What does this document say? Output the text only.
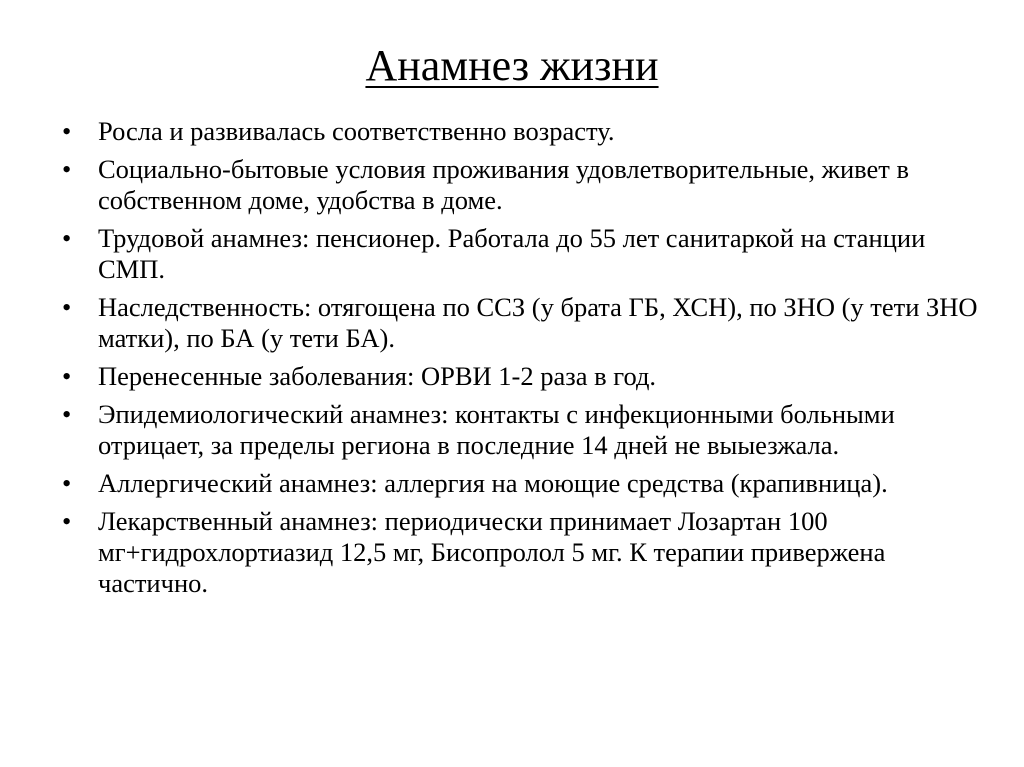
Анамнез жизни
• Росла и развивалась соответственно возрасту.
• Социально-бытовые условия проживания удовлетворительные, живет в собственном доме, удобства в доме.
• Трудовой анамнез: пенсионер. Работала до 55 лет санитаркой на станции СМП.
• Наследственность: отягощена по ССЗ (у брата ГБ, ХСН), по ЗНО (у тети ЗНО матки), по БА (у тети БА).
• Перенесенные заболевания: ОРВИ 1-2 раза в год.
• Эпидемиологический анамнез: контакты с инфекционными больными отрицает, за пределы региона в последние 14 дней не выыезжала.
• Аллергический анамнез: аллергия на моющие средства (крапивница).
• Лекарственный анамнез: периодически принимает Лозартан 100 мг+гидрохлортиазид 12,5 мг, Бисопролол 5 мг. К терапии привержена частично.
